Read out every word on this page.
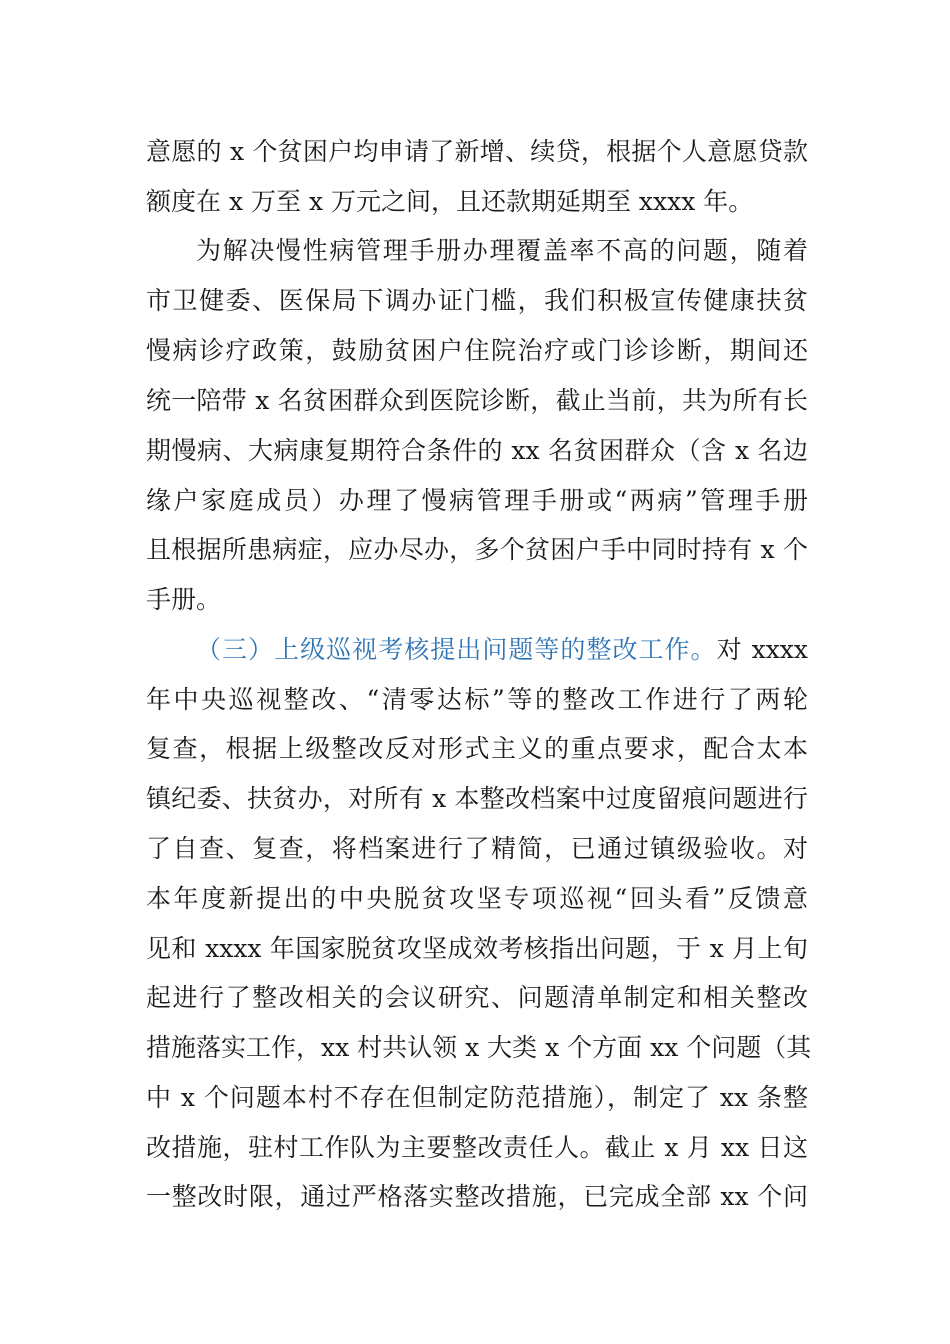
意愿的 x 个贫困户均申请了新增、续贷，根据个人意愿贷款
额度在 x 万至 x 万元之间，且还款期延期至 xxxx 年。
为解决慢性病管理手册办理覆盖率不高的问题，随着
市卫健委、医保局下调办证门槛，我们积极宣传健康扶贫
慢病诊疗政策，鼓励贫困户住院治疗或门诊诊断，期间还
统一陪带 x 名贫困群众到医院诊断，截止当前，共为所有长
期慢病、大病康复期符合条件的 xx 名贫困群众（含 x 名边
缘户家庭成员）办理了慢病管理手册或“两病”管理手册
且根据所患病症，应办尽办，多个贫困户手中同时持有 x 个
手册。
（三）上级巡视考核提出问题等的整改工作。对 xxxx
年中央巡视整改、“清零达标”等的整改工作进行了两轮
复查，根据上级整改反对形式主义的重点要求，配合太本
镇纪委、扶贫办，对所有 x 本整改档案中过度留痕问题进行
了自查、复查，将档案进行了精简，已通过镇级验收。对
本年度新提出的中央脱贫攻坚专项巡视“回头看”反馈意
见和 xxxx 年国家脱贫攻坚成效考核指出问题，于 x 月上旬
起进行了整改相关的会议研究、问题清单制定和相关整改
措施落实工作，xx 村共认领 x 大类 x 个方面 xx 个问题（其
中 x 个问题本村不存在但制定防范措施），制定了 xx 条整
改措施，驻村工作队为主要整改责任人。截止 x 月 xx 日这
一整改时限，通过严格落实整改措施，已完成全部 xx 个问
